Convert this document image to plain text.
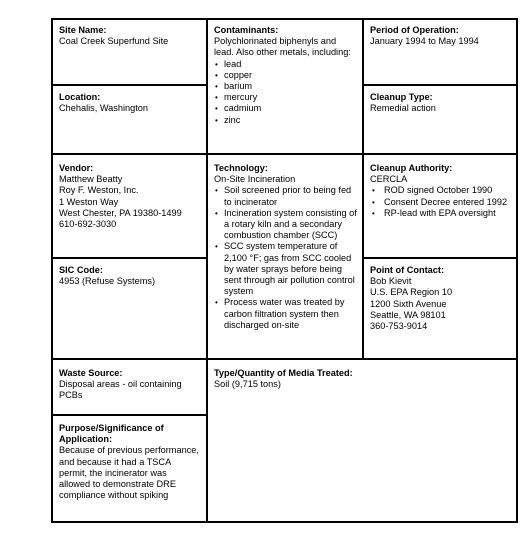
Site Name:
Coal Creek Superfund Site
Contaminants:
Polychlorinated biphenyls and lead. Also other metals, including:
• lead
• copper
• barium
• mercury
• cadmium
• zinc
Period of Operation:
January 1994 to May 1994
Location:
Chehalis, Washington
Cleanup Type:
Remedial action
Vendor:
Matthew Beatty
Roy F. Weston, Inc.
1 Weston Way
West Chester, PA 19380-1499
610-692-3030
Technology:
On-Site Incineration
• Soil screened prior to being fed to incinerator
• Incineration system consisting of a rotary kiln and a secondary combustion chamber (SCC)
• SCC system temperature of 2,100 °F; gas from SCC cooled by water sprays before being sent through air pollution control system
• Process water was treated by carbon filtration system then discharged on-site
Cleanup Authority:
CERCLA
• ROD signed October 1990
• Consent Decree entered 1992
• RP-lead with EPA oversight
SIC Code:
4953 (Refuse Systems)
Point of Contact:
Bob Kievit
U.S. EPA Region 10
1200 Sixth Avenue
Seattle, WA 98101
360-753-9014
Waste Source:
Disposal areas - oil containing PCBs
Type/Quantity of Media Treated:
Soil (9,715 tons)
Purpose/Significance of Application:
Because of previous performance, and because it had a TSCA permit, the incinerator was allowed to demonstrate DRE compliance without spiking
